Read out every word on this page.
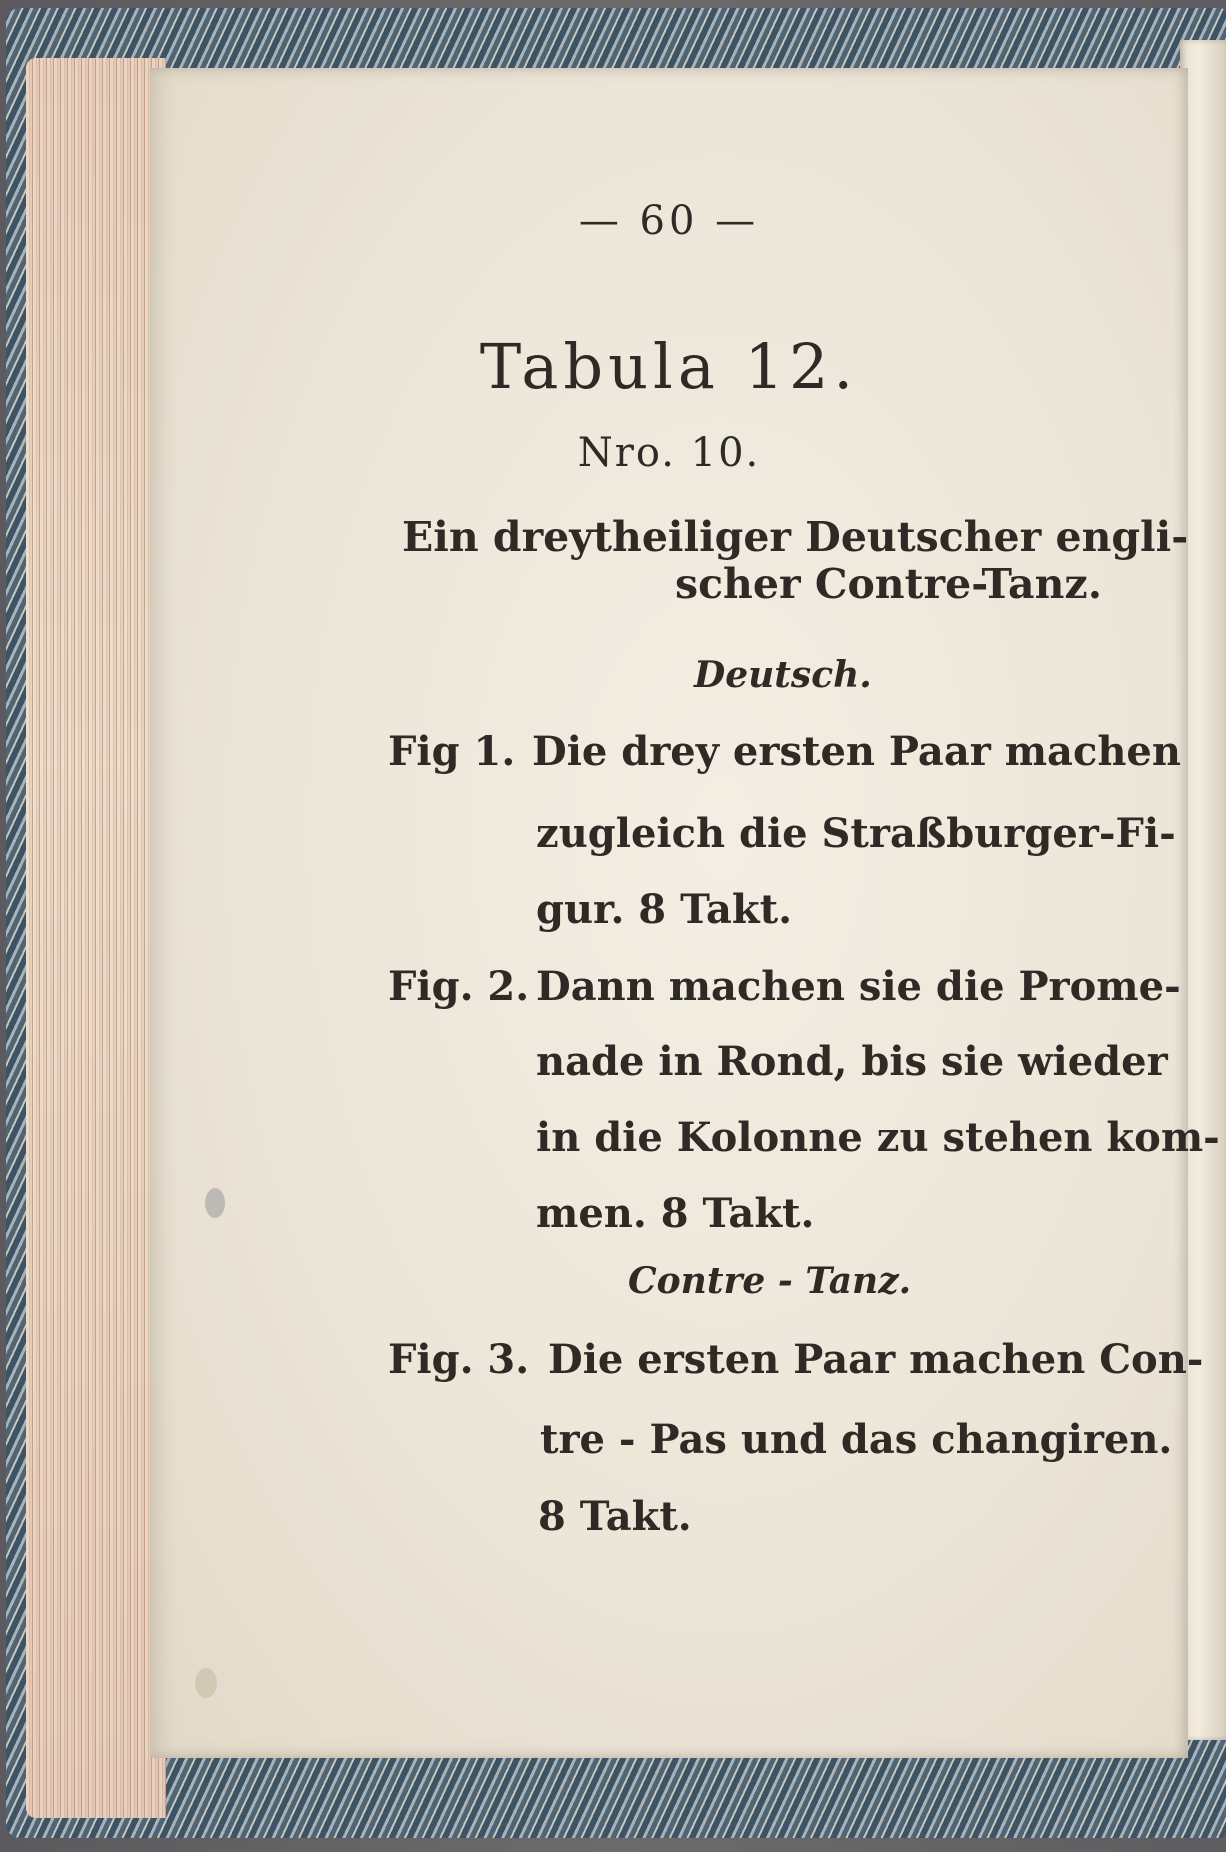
— 60 —
Tabula 12.
Nro. 10.
Ein dreytheiliger Deutscher engli-
scher Contre-Tanz.
Deutsch.
Fig 1. Die drey ersten Paar machen
zugleich die Straßburger-Fi-
gur. 8 Takt.
Fig. 2. Dann machen sie die Prome-
nade in Rond, bis sie wieder
in die Kolonne zu stehen kom-
men. 8 Takt.
Contre - Tanz.
Fig. 3. Die ersten Paar machen Con-
tre - Pas und das changiren.
8 Takt.
